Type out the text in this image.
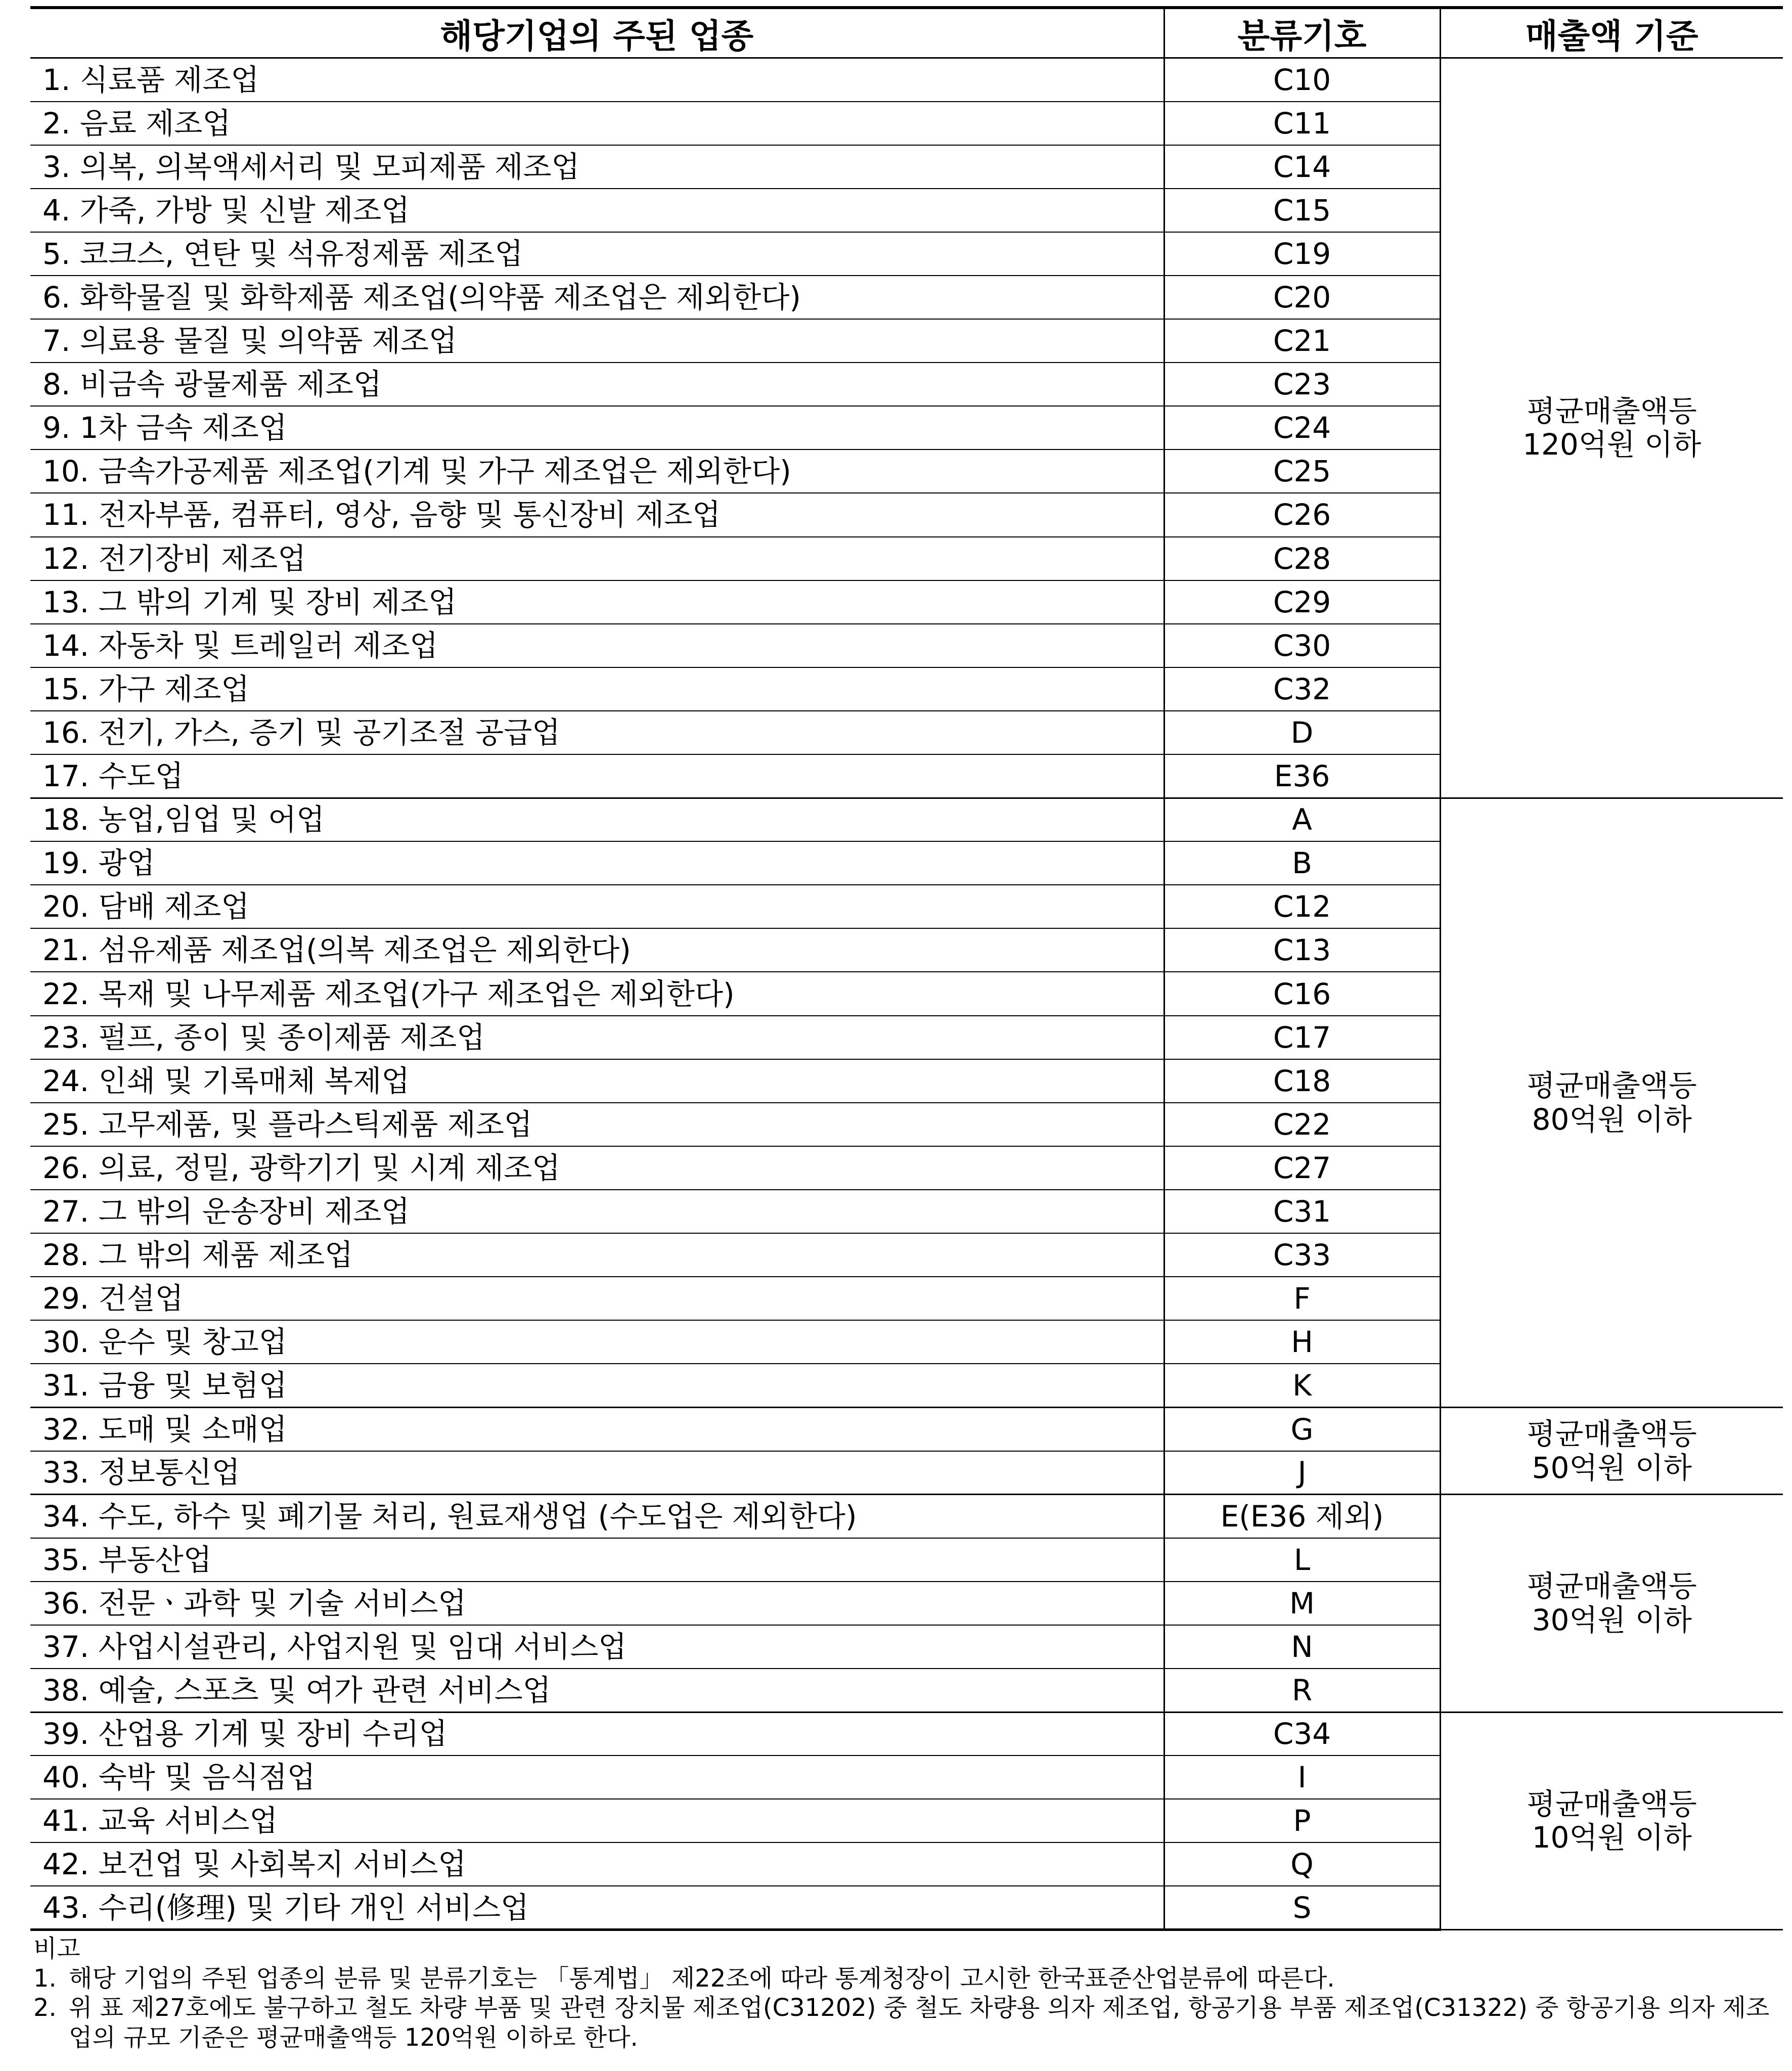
해당기업의 주된 업종	분류기호	매출액 기준
1. 식료품 제조업	C10	평균매출액등
120억원 이하

2. 음료 제조업	C11	
3. 의복, 의복액세서리 및 모피제품 제조업	C14	
4. 가죽, 가방 및 신발 제조업	C15	
5. 코크스, 연탄 및 석유정제품 제조업	C19	
6. 화학물질 및 화학제품 제조업(의약품 제조업은 제외한다)	C20	
7. 의료용 물질 및 의약품 제조업	C21	
8. 비금속 광물제품 제조업	C23	
9. 1차 금속 제조업	C24	
10. 금속가공제품 제조업(기계 및 가구 제조업은 제외한다)	C25	
11. 전자부품, 컴퓨터, 영상, 음향 및 통신장비 제조업	C26	
12. 전기장비 제조업	C28	
13. 그 밖의 기계 및 장비 제조업	C29	
14. 자동차 및 트레일러 제조업	C30	
15. 가구 제조업	C32	
16. 전기, 가스, 증기 및 공기조절 공급업	D	
17. 수도업	E36	
18. 농업,임업 및 어업	A	평균매출액등
80억원 이하

19. 광업	B	
20. 담배 제조업	C12	
21. 섬유제품 제조업(의복 제조업은 제외한다)	C13	
22. 목재 및 나무제품 제조업(가구 제조업은 제외한다)	C16	
23. 펄프, 종이 및 종이제품 제조업	C17	
24. 인쇄 및 기록매체 복제업	C18	
25. 고무제품, 및 플라스틱제품 제조업	C22	
26. 의료, 정밀, 광학기기 및 시계 제조업	C27	
27. 그 밖의 운송장비 제조업	C31	
28. 그 밖의 제품 제조업	C33	
29. 건설업	F	
30. 운수 및 창고업	H	
31. 금융 및 보험업	K	
32. 도매 및 소매업	G	평균매출액등
50억원 이하

33. 정보통신업	J	
34. 수도, 하수 및 폐기물 처리, 원료재생업 (수도업은 제외한다)	E(E36 제외)	평균매출액등
30억원 이하

35. 부동산업	L	
36. 전문ㆍ과학 및 기술 서비스업	M	
37. 사업시설관리, 사업지원 및 임대 서비스업	N	
38. 예술, 스포츠 및 여가 관련 서비스업	R	
39. 산업용 기계 및 장비 수리업	C34	평균매출액등
10억원 이하

40. 숙박 및 음식점업	I	
41. 교육 서비스업	P	
42. 보건업 및 사회복지 서비스업	Q	
43. 수리(修理) 및 기타 개인 서비스업	S	
비고
1. 해당 기업의 주된 업종의 분류 및 분류기호는 「통계법」 제22조에 따라 통계청장이 고시한 한국표준산업분류에 따른다.
2. 위 표 제27호에도 불구하고 철도 차량 부품 및 관련 장치물 제조업(C31202) 중 철도 차량용 의자 제조업, 항공기용 부품 제조업(C31322) 중 항공기용 의자 제조업의 규모 기준은 평균매출액등 120억원 이하로 한다.
